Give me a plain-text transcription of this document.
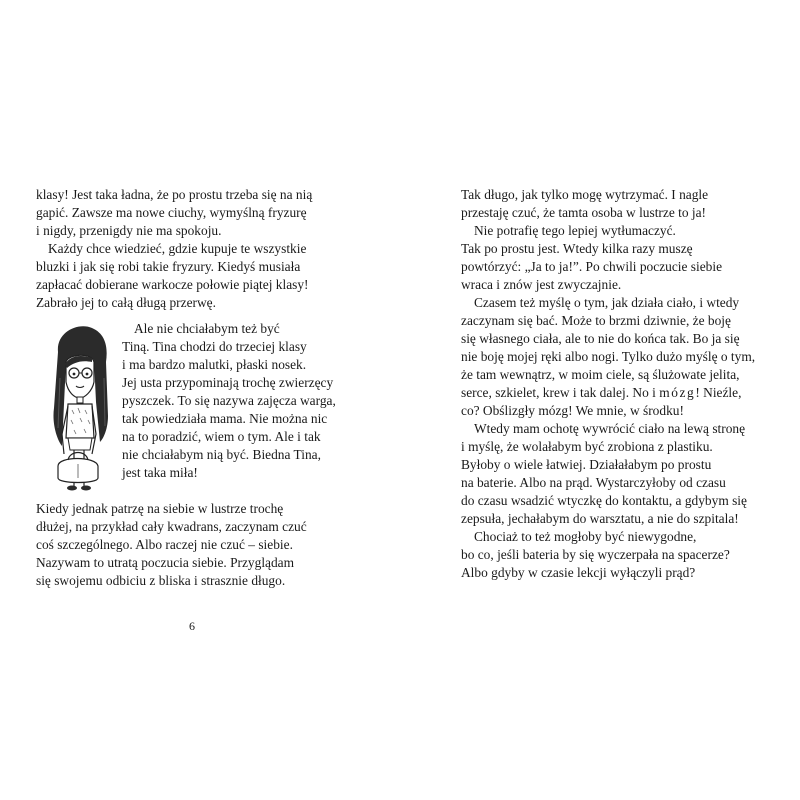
klasy! Jest taka ładna, że po prostu trzeba się na nią
gapić. Zawsze ma nowe ciuchy, wymyślną fryzurę
i nigdy, przenigdy nie ma spokoju.
Każdy chce wiedzieć, gdzie kupuje te wszystkie
bluzki i jak się robi takie fryzury. Kiedyś musiała
zapłacać dobierane warkocze połowie piątej klasy!
Zabrało jej to całą długą przerwę.
Ale nie chciałabym też być
Tiną. Tina chodzi do trzeciej klasy
i ma bardzo malutki, płaski nosek.
Jej usta przypominają trochę zwierzęcy
pyszczek. To się nazywa zajęcza warga,
tak powiedziała mama. Nie można nic
na to poradzić, wiem o tym. Ale i tak
nie chciałabym nią być. Biedna Tina,
jest taka miła!
Kiedy jednak patrzę na siebie w lustrze trochę
dłużej, na przykład cały kwadrans, zaczynam czuć
coś szczególnego. Albo raczej nie czuć – siebie.
Nazywam to utratą poczucia siebie. Przyglądam
się swojemu odbiciu z bliska i strasznie długo.
6
Tak długo, jak tylko mogę wytrzymać. I nagle
przestaję czuć, że tamta osoba w lustrze to ja!
Nie potrafię tego lepiej wytłumaczyć.
Tak po prostu jest. Wtedy kilka razy muszę
powtórzyć: „Ja to ja!”. Po chwili poczucie siebie
wraca i znów jest zwyczajnie.
Czasem też myślę o tym, jak działa ciało, i wtedy
zaczynam się bać. Może to brzmi dziwnie, że boję
się własnego ciała, ale to nie do końca tak. Bo ja się
nie boję mojej ręki albo nogi. Tylko dużo myślę o tym,
że tam wewnątrz, w moim ciele, są ślużowate jelita,
serce, szkielet, krew i tak dalej. No i mózg! Nieźle,
co? Obślizgły mózg! We mnie, w środku!
Wtedy mam ochotę wywrócić ciało na lewą stronę
i myślę, że wolałabym być zrobiona z plastiku.
Byłoby o wiele łatwiej. Działałabym po prostu
na baterie. Albo na prąd. Wystarczyłoby od czasu
do czasu wsadzić wtyczkę do kontaktu, a gdybym się
zepsuła, jechałabym do warsztatu, a nie do szpitala!
Chociaż to też mogłoby być niewygodne,
bo co, jeśli bateria by się wyczerpała na spacerze?
Albo gdyby w czasie lekcji wyłączyli prąd?
